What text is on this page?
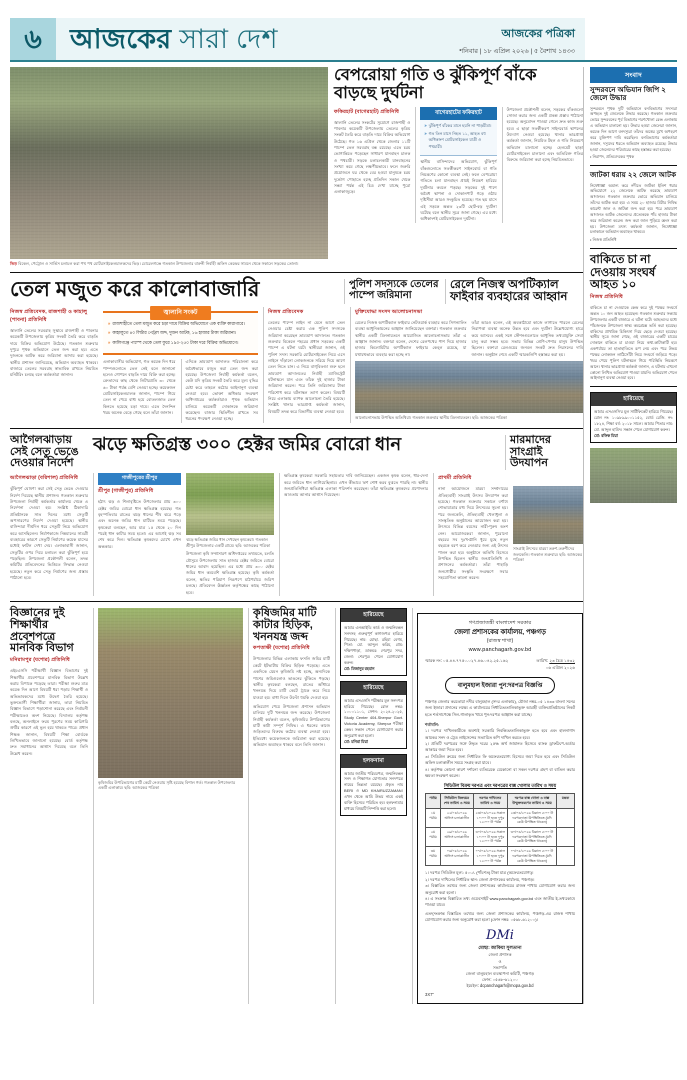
৬	আজকের সারা দেশ	আজকের পত্রিকা
শনিবার | ১৮ এপ্রিল ২০২৬ | ৫ বৈশাখ ১৪৩৩
ভিড় বিকেল, পেট্রোল ও সার্ভিস চলাচল করা পথ পথ মোটরসাইকেলচালকদের ভিড়। মোরেলগঞ্জে গতকাল উপজেলার বারুনী নির্বাহী অফিস কেন্দ্রের সামনে থেকে সকালে সড়কের তোলা।
বেপরোয়া গতি ও ঝুঁকিপূর্ণ বাঁকে বাড়ছে দুর্ঘটনা
ফকিরহাট (বাগেরহাট) প্রতিনিধি
জ্বালানি তেলের সংকটের সুযোগে রাজশাহী ও পাবনার কয়েকটি উপজেলায় তেলের কৃত্রিম সংকট তৈরি করে বাড়তি দামে বিক্রির অভিযোগ উঠেছে। গত ১৬ এপ্রিল থেকে জেলার ১১টি পাম্পে তেল সরবরাহ বন্ধ রয়েছে। এতে চরম ভোগান্তিতে পড়েছেন সাধারণ যানবাহন চালক ও পথচারী। সড়কে চলাচলকারী যানবাহনের সংখ্যা কমে গেছে লক্ষণীয়ভাবে। ফলে জরুরি প্রয়োজনে ঘর থেকে বের হওয়া মানুষকে চরম দুর্ভোগ পোহাতে হচ্ছে প্রতিদিন সকাল থেকে সন্ধ্যা পর্যন্ত এই চিত্র দেখা যাচ্ছে পুরো এলাকাজুড়ে।
বাগেরহাটের ফকিরহাট
» ঝুঁকিপূর্ণ বাঁকের মানে হয়নি না পাড়চীমা।
» গত তিন মাসে নিহত ১১, আহত বহু অধিকাংশ মোটরসাইকেল যাত্রী ও পথচারী।
স্থানীয় বাসিন্দাদের অভিযোগ, ঝুঁকিপূর্ণ বাঁকগুলোতে সতর্কীকরণ সাইনবোর্ড বা গতি নিয়ন্ত্রণের কোনো ব্যবস্থা নেই। ফলে বেপরোয়া গতিতে চলা যানবাহন প্রায়ই নিয়ন্ত্রণ হারিয়ে দুর্ঘটনার কবলে পড়ছে। সড়কের দুই পাশে অবৈধ স্থাপনা ও দোকানপাট গড়ে ওঠায় দৃষ্টিসীমা আরও সংকুচিত হয়েছে। গত ছয় মাসে এই সড়কে অন্তত ২৩টি ছোট-বড় দুর্ঘটনা ঘটেছে বলে স্থানীয় সূত্রে জানা গেছে। এর মধ্যে অধিকাংশই মোটরসাইকেল দুর্ঘটনা।
উপজেলা প্রকৌশলী বলেন, সড়কের বাঁকগুলো সোজা করার জন্য একটি প্রকল্প প্রস্তাব পাঠানো হয়েছে। অনুমোদন পাওয়া গেলে দ্রুত কাজ শুরু হবে। এ ছাড়া সতর্কীকরণ সাইনবোর্ড স্থাপনের উদ্যোগ নেওয়া হয়েছে। থানার ভারপ্রাপ্ত কর্মকর্তা জানান, নিয়মিত টহল ও গতি নিয়ন্ত্রণে অভিযান চালানো হচ্ছে। হেলমেট ছাড়া মোটরসাইকেল চালানো এবং অতিরিক্ত গতির বিরুদ্ধে জরিমানা করা হচ্ছে নিয়মিতভাবে।
তেল মজুত করে কালোবাজারি	পুলিশ সদস্যকে তেলের পাম্পে জরিমানা
রেলে নিজস্ব অপটিক্যাল ফাইবার ব্যবহারের আহ্বান
নিজস্ব প্রতিবেদক, রাজশাহী ও কাহালু (পাবনা) প্রতিনিধি
জ্বালানি তেলের সরবরাহ সুস্থাবে রাজশাহী ও পাবনার কয়েকটি উপজেলায় কৃত্রিম সংকট তৈরি করে বাড়তি দামে বিক্রির অভিযোগ উঠেছে। গতকাল শুক্রবার দুপুরে পৃথক অভিযানে তেল জব্দ করা হয়। এতে দুজনকে আটক করে জরিমানা আদায় করা হয়েছে। স্থানীয় প্রশাসন জানিয়েছে, অভিযান অব্যাহত থাকবে। বাজারে তেলের সরবরাহ স্বাভাবিক রাখতে নিয়মিত মনিটরিং চলছে বলে কর্মকর্তারা জানান।
জ্বালানি সংকট
» রাজশাহীতে তেল মজুত করে চড়া দামে বিক্রির অভিযোগে এক ব্যক্তি কারাগারে।
» কাহালুতে ৪০ লিটার পেট্রল জব্দ, দুজন আটক, ১৬ হাজার টাকা জরিমানা।
» কালিগঞ্জে পাম্পে থেকে তেল ফুরে ১৯০-২৫০ টাকা দরে বিক্রির অভিযোগে।
এলাকাবাসীর অভিযোগ, গত কয়েক দিন ধরে পাম্পগুলোতে তেল নেই বলে জানানো হলেও গোপনে বাড়তি দামে বিক্রি করা হচ্ছে। ক্রেতাদের কাছ থেকে লিটারপ্রতি ৩০ থেকে ৬০ টাকা পর্যন্ত বেশি নেওয়া হচ্ছে। কয়েকজন মোটরসাইকেলচালক জানান, পাম্পে গিয়ে তেল না পেয়ে বাধ্য হয়ে বোতলজাত তেল কিনতে হয়েছে চড়া দামে। এতে দৈনন্দিন খরচ অনেক বেড়ে গেছে বলে তাঁরা জানান।
এদিকে ভ্রাম্যমাণ আদালত পরিচালনা করে অবৈধভাবে মজুত করা তেল জব্দ করা হয়েছে। উপজেলা নির্বাহী কর্মকর্তা বলেন, কেউ যদি কৃত্রিম সংকট তৈরি করে মূল্য বৃদ্ধির চেষ্টা করে তাহলে কঠোর আইনানুগ ব্যবস্থা নেওয়া হবে। ভোক্তা অধিকার সংরক্ষণ অধিদপ্তরের কর্মকর্তারাও পৃথক অভিযান চালিয়ে কয়েকটি দোকানকে জরিমানা করেছেন। বাজার স্থিতিশীল রাখতে সব ধরনের পদক্ষেপ নেওয়া হচ্ছে।
নিজস্ব প্রতিবেদক
তেলের পাম্পে লাইন না মেনে আগে তেল নেওয়ার চেষ্টা করায় এক পুলিশ সদস্যকে জরিমানা করেছেন ভ্রাম্যমাণ আদালত। গতকাল শুক্রবার বিকেলে শহরের প্রধান সড়কের একটি পাম্পে এ ঘটনা ঘটে। স্থানীয়রা জানান, ওই পুলিশ সদস্য সরকারি মোটরসাইকেল নিয়ে এসে লাইনে দাঁড়ানো লোকজনকে সরিয়ে দিয়ে আগে তেল নিতে চান। এ নিয়ে বাগ্‌বিতণ্ডা শুরু হলে ভ্রাম্যমাণ আদালতের নির্বাহী ম্যাজিস্ট্রেট ঘটনাস্থলে যান এবং তাঁকে দুই হাজার টাকা জরিমানা করেন। পরে তিনি জরিমানার টাকা পরিশোধ করে ঘটনাস্থল ত্যাগ করেন। বিষয়টি নিয়ে এলাকায় ব্যাপক আলোচনা তৈরি হয়েছে। সংশ্লিষ্ট থানার ভারপ্রাপ্ত কর্মকর্তা জানান, বিষয়টি তদন্ত করে বিভাগীয় ব্যবস্থা নেওয়া হবে।
মুক্তিযোদ্ধা সংসদ আলোচনাসভা
রেলের নিজস্ব অপটিক্যাল ফাইবার নেটওয়ার্ক ব্যবহার করে সিগন্যালিং ব্যবস্থা আধুনিকায়নের আহ্বান জানিয়েছেন বক্তারা। গতকাল শুক্রবার স্থানীয় একটি মিলনায়তনে আয়োজিত আলোচনাসভায় তাঁরা এ আহ্বান জানান। বক্তারা বলেন, দেশের রেলপথের পাশ দিয়ে হাজার হাজার কিলোমিটার অপটিক্যাল ফাইবার কেব্‌ল রয়েছে, যা যথাযথভাবে ব্যবহার করা হচ্ছে না।
তাঁরা আরও বলেন, এই অবকাঠামো কাজে লাগাতে পারলে রেলের নিরাপত্তা ব্যবস্থা অনেক উন্নত হবে এবং দুর্ঘটনা উল্লেখযোগ্য হারে কমে আসবে। একই সঙ্গে স্টেশনগুলোতে আধুনিক তথ্যপ্রযুক্তি সেবা চালু করা সম্ভব হবে। সভায় বিভিন্ন শ্রেণি-পেশার মানুষ উপস্থিত ছিলেন। বক্তারা রেলওয়ের জনবল সংকট দ্রুত নিরসনের দাবি জানান। অনুষ্ঠান শেষে একটি স্মারকলিপি হস্তান্তর করা হয়।
আলোচনাসভায় উপস্থিত অতিথিরা। গতকাল শুক্রবার স্থানীয় মিলনায়তনে। ছবি: আজকের পত্রিকা
আগৈলঝাড়ায় সেই সেতু ভেঙে দেওয়ার নির্দেশ
ঝড়ে ক্ষতিগ্রস্ত ৩০০ হেক্টর জমির বোরো ধান	মারমাদের সাংগ্রাই উদযাপন
আগৈলঝাড়া (বরিশাল) প্রতিনিধি
ঝুঁকিপূর্ণ ঘোষণা করা সেই সেতু ভেঙে দেওয়ার নির্দেশ দিয়েছে স্থানীয় প্রশাসন। গতকাল শুক্রবার উপজেলা নির্বাহী কর্মকর্তার কার্যালয় থেকে এ নির্দেশনা দেওয়া হয়। সংশ্লিষ্ট ঠিকাদারি প্রতিষ্ঠানকে সাত দিনের মধ্যে সেতুটি অপসারণের নির্দেশ দেওয়া হয়েছে। স্থানীয় বাসিন্দারা দীর্ঘদিন ধরে সেতুটি নিয়ে অভিযোগ করে আসছিলেন। নির্মাণকাজে নিম্নমানের সামগ্রী ব্যবহারের কারণে সেতুটি নির্মাণের কয়েক মাসের মধ্যেই ফাটল দেখা দেয়। এলাকাবাসী জানান, সেতুটির ওপর দিয়ে চলাচল করা ঝুঁকিপূর্ণ হয়ে পড়েছিল। উপজেলা প্রকৌশলী বলেন, তদন্ত কমিটির প্রতিবেদনের ভিত্তিতে সিদ্ধান্ত নেওয়া হয়েছে। নতুন করে সেতু নির্মাণের জন্য প্রস্তাব পাঠানো হবে।
গাজীপুরের শ্রীপুর
শ্রীপুর (গাজীপুর) প্রতিনিধি
হঠাৎ ঝড় ও শিলাবৃষ্টিতে উপজেলার প্রায় ৩০০ হেক্টর জমির বোরো ধান ক্ষতিগ্রস্ত হয়েছে। গত বৃহস্পতিবার রাতের ঝড়ে ধানের শীষ ঝরে পড়ে এবং অনেক জমির ধান মাটিতে শুয়ে পড়েছে। কৃষকেরা বলছেন, আর মাত্র ১৫ থেকে ২০ দিন পরেই ধান কাটার সময় হতো। এর আগেই ঝড় সব শেষ করে দিল। ক্ষতিগ্রস্ত কৃষকদের চোখে এখন অন্ধকার।
ঝড়ে ক্ষতিগ্রস্ত জমির ধান দেখছেন কৃষকেরা। গতকাল শ্রীপুর উপজেলার একটি গ্রামে। ছবি: আজকের পত্রিকা
উপজেলা কৃষি সম্প্রসারণ অধিদপ্তরের তথ্যমতে, চলতি মৌসুমে উপজেলায় সাত হাজার হেক্টর জমিতে বোরো ধানের আবাদ হয়েছিল। এর মধ্যে প্রায় ৩০০ হেক্টর জমির ধান কমবেশি ক্ষতিগ্রস্ত হয়েছে। কৃষি কর্মকর্তা বলেন, ক্ষতির পরিমাণ নিরূপণে মাঠপর্যায়ে জরিপ চলছে। প্রতিবেদন ঊর্ধ্বতন কর্তৃপক্ষের কাছে পাঠানো হবে।
ক্ষতিগ্রস্ত কৃষকেরা সরকারি সহায়তার দাবি জানিয়েছেন। একজন কৃষক বলেন, ধার-দেনা করে জমিতে ধান লাগিয়েছিলাম। এখন কীভাবে ঋণ শোধ করব বুঝতে পারছি না। স্থানীয় জনপ্রতিনিধিরা ক্ষতিগ্রস্ত এলাকা পরিদর্শন করেছেন। তাঁরা ক্ষতিগ্রস্ত কৃষকদের প্রণোদনার আওতায় আনার আশ্বাস দিয়েছেন।
প্রাথমী প্রতিনিধি
নানা আয়োজনে মারমা সম্প্রদায়ের ঐতিহ্যবাহী সাংগ্রাই উৎসব উদযাপন করা হয়েছে। গতকাল শুক্রবার সকালে বর্ণাঢ্য শোভাযাত্রার মধ্য দিয়ে উৎসবের সূচনা হয়। পরে জলকেলি, ঐতিহ্যবাহী খেলাধুলা ও সাংস্কৃতিক অনুষ্ঠানের আয়োজন করা হয়। উৎসবে বিভিন্ন বয়সের নারী-পুরুষ অংশ নেন। আয়োজকেরা জানান, পুরোনো বছরের সব দুঃখ-গ্লানি ধুয়ে মুছে নতুন বছরকে বরণ করে নেওয়ার জন্য এই উৎসব পালন করা হয়। অনুষ্ঠানে অতিথি হিসেবে উপস্থিত ছিলেন স্থানীয় জনপ্রতিনিধি ও প্রশাসনের কর্মকর্তারা। তাঁরা পাহাড়ি জনগোষ্ঠীর সংস্কৃতি সংরক্ষণে সবার সহযোগিতা কামনা করেন।
সাংগ্রাই উৎসবে মারমা তরুণ-তরুণীদের জলকেলি। গতকাল শুক্রবার। ছবি: আজকের পত্রিকা
বিজ্ঞানের দুই শিক্ষার্থীর প্রবেশপত্রে মানবিক বিভাগ
মনিরামপুর (যশোর) প্রতিনিধি
এইচএসসি পরীক্ষার্থী বিজ্ঞান বিভাগের দুই শিক্ষার্থীর প্রবেশপত্রে মানবিক বিভাগ উল্লেখ করায় বিপাকে পড়েছে তারা। পরীক্ষা শুরুর মাত্র কয়েক দিন আগে বিষয়টি ধরা পড়ায় শিক্ষার্থী ও অভিভাবকদের মধ্যে উদ্বেগ তৈরি হয়েছে। ভুক্তভোগী শিক্ষার্থীরা জানায়, তারা নিয়মিত বিজ্ঞান বিভাগে পড়াশোনা করেছে এবং নির্বাচনী পরীক্ষাতেও অংশ নিয়েছে। বিদ্যালয় কর্তৃপক্ষ বলছে, অনলাইনে ফরম পূরণের সময় কারিগরি ত্রুটির কারণে এই ভুল হয়ে থাকতে পারে। প্রধান শিক্ষক জানান, বিষয়টি শিক্ষা বোর্ডকে লিখিতভাবে জানানো হয়েছে। বোর্ড কর্তৃপক্ষ দ্রুত সমাধানের আশ্বাস দিয়েছে বলে তিনি উল্লেখ করেন।
কৃষিজমির উপরিভাগের মাটি কেটে নেওয়ায় সৃষ্টি হয়েছে বিশাল গর্ত। গতকাল উপজেলার একটি এলাকায়। ছবি: আজকের পত্রিকা
কৃষিজমির মাটি কাটার হিড়িক, খননযন্ত্র জব্দ
কপতাক্ষী (যশোর) প্রতিনিধি
উপজেলার বিভিন্ন এলাকায় ফসলি জমির মাটি কেটে ইটভাটায় বিক্রির হিড়িক পড়েছে। এতে একদিকে যেমন কৃষিজমি নষ্ট হচ্ছে, অন্যদিকে পাশের জমিগুলোও ভাঙনের ঝুঁকিতে পড়ছে। স্থানীয় কৃষকেরা বলছেন, রাতের আঁধারে খননযন্ত্র দিয়ে মাটি কেটে ট্রাকে করে নিয়ে যাওয়া হয়। বাধা দিলে উল্টো হুমকি দেওয়া হয়।
অভিযোগ পেয়ে উপজেলা প্রশাসন অভিযান চালিয়ে দুটি খননযন্ত্র জব্দ করেছে। উপজেলা নির্বাহী কর্মকর্তা বলেন, কৃষিজমির উপরিভাগের মাটি কাটা সম্পূর্ণ নিষিদ্ধ। এ ধরনের কাজে জড়িতদের বিরুদ্ধে কঠোর ব্যবস্থা নেওয়া হবে। ইতিমধ্যে কয়েকজনকে জরিমানা করা হয়েছে। অভিযান অব্যাহত থাকবে বলে তিনি জানান।
হারিয়েছে
আমার এনআইডি কার্ড ও জন্মনিবন্ধন সনদসহ গুরুত্বপূর্ণ কাগজপত্র হারিয়ে গিয়েছে। নাম: মোছা. রহিমা বেগম, পিতা: মো. আব্দুল করিম, গ্রাম: দক্ষিণপাড়া, ডাকঘর: শেরপুর সদর, জেলা: শেরপুর। পেলে যোগাযোগ করুন।
মো: মিজানুর রহমান
হারিয়েছে
আমার এসএসসি পরীক্ষার মূল সনদপত্র হারিয়ে গিয়েছে। রোল নম্বর: ১০০০১১০১, সেশন: ২০২৪-২০২৫, Study Center 404-Sherpur Govt. Victoria Academy, Sherpur পরীক্ষা কেন্দ্র। সন্ধান পেলে যোগাযোগ করার অনুরোধ করা হলো।
মো: মনিরা মিয়া
হলফনামা
আমার জাতীয় পরিচয়পত্র, জন্মনিবন্ধন সনদ ও শিক্ষাগত যোগ্যতার সনদপত্রে নামের ভিন্নতা রয়েছে। প্রকৃত নাম BERI ও MD KHAIRUZZAMAN। এখন থেকে আমি উভয় নামে একই ব্যক্তি হিসেবে পরিচিত হব। হলফনামার মাধ্যমে বিষয়টি নিষ্পত্তি করা হলো।
গণপ্রজাতন্ত্রী বাংলাদেশ সরকার
জেলা প্রশাসকের কার্যালয়, পঞ্চগড়
(রাজস্ব শাখা)
www.panchagarh.gov.bd
স্মারক নং: ০৫.৪৪.৭৭৫০.০২৭.৪৬.০৪২.২৫.১৬২	তারিখ: ২৩ চৈত্র ১৪৩২
০৬ এপ্রিল ২০২৬
বালুমহাল ইজারা পুন:দরপত্র বিজ্ঞপ্তি
পঞ্চগড় জেলার করতোয়া নদীর বালুমহাল (সদর এলাকায়), মৌজা নম্বর-০৫ ১৪৩৩ বাংলা সনের জন্য ইজারা প্রদানের লক্ষ্যে এ কার্যালয়ের নির্ধারিত/তালিকাভুক্ত আগ্রহী ব্যক্তি/প্রতিষ্ঠানের নিকট হতে শর্তসাপেক্ষে সিল-গালাকৃত খামে পুন:দরপত্র আহ্বান করা যাচ্ছে।
শর্তাবলি:
১। দরপত্র দাখিলকারীকে অবশ্যই সরকারি নিবন্ধিত/তালিকাভুক্ত হতে হবে এবং হালনাগাদ আয়কর সনদ ও ট্রেড লাইসেন্সের সত্যায়িত কপি দাখিল করতে হবে।
২। প্রতিটি দরপত্রের সঙ্গে উদ্ধৃত দরের ২৫% অর্থ জামানত হিসেবে ব্যাংক ড্রাফট/পে-অর্ডার আকারে জমা দিতে হবে।
৩। সিডিউল ক্রয়ের জন্য নির্ধারিত ফি অফেরতযোগ্য হিসেবে জমা দিতে হবে এবং সিডিউল অফিস চলাকালীন সময়ে সংগ্রহ করা যাবে।
৪। কর্তৃপক্ষ কোনো কারণ দর্শানো ব্যতিরেকে যেকোনো বা সকল দরপত্র গ্রহণ বা বাতিল করার ক্ষমতা সংরক্ষণ করেন।
সিডিউল বিক্রয় দরপত্র এবং দরপত্রের বাক্স খোলার তারিখ ও সময়
পর্যায়	সিডিউল বিক্রয়ের শেষ তারিখ ও সময়	দরপত্র দাখিলের তারিখ ও সময়	দরপত্র বাক্স খোলা ও বাক্স উন্মুক্তকরণের তারিখ ও সময়	মন্তব্য
১ম পর্যায়	২২/০৪/২০২৬ অফিস চলাকালীন	২৩/০৪/২০২৬ সকাল ১০:০০ টা হতে দুপুর ১২:০০ টা পর্যন্ত	২৩/০৪/২০২৬ বিকাল ৫:০০ টা দরপত্রদাতা উপস্থিতিতে (যদি কেউ উপস্থিত থাকেন)	
২য় পর্যায়	২৯/০৪/২০২৬ অফিস চলাকালীন	৩০/০৪/২০২৬ সকাল ১০:০০ টা হতে দুপুর ১২:০০ টা পর্যন্ত	৩০/০৪/২০২৬ বিকাল ৫:০০ টা দরপত্রদাতা উপস্থিতিতে (যদি কেউ উপস্থিত থাকেন)	
৩য় পর্যায়	০৬/০৫/২০২৬ অফিস চলাকালীন	০৭/০৫/২০২৬ সকাল ১০:০০ টা হতে দুপুর ১২:০০ টা পর্যন্ত	০৭/০৫/২০২৬ বিকাল ৫:০০ টা দরপত্রদাতা উপস্থিতিতে (যদি কেউ উপস্থিত থাকেন)	
১। দরপত্র সিডিউল মূল্য: ৫০০/- (পাঁচশত) টাকা মাত্র (অফেরতযোগ্য)।
২। দরপত্র দাখিলের নির্ধারিত স্থান: জেলা প্রশাসকের কার্যালয়, পঞ্চগড়।
৩। বিস্তারিত তথ্যের জন্য জেলা প্রশাসকের কার্যালয়ের রাজস্ব শাখায় যোগাযোগ করার জন্য অনুরোধ করা হলো।
৪। এ সংক্রান্ত বিস্তারিত তথ্য ওয়েবসাইট www.panchagarh.gov.bd এবং জাতীয় ই-তথ্যকোষে পাওয়া যাবে।
এতদ্‌সংক্রান্ত বিস্তারিত তথ্যের জন্য জেলা প্রশাসকের কার্যালয়, পঞ্চগড়-এর রাজস্ব শাখায় যোগাযোগ করার জন্য অনুরোধ করা হলো (ফোন নম্বর: ০৫৬৮-৬১২০০)।
ⅮⅯⅰ​
মোছা: জাকিয়া সুলতানা
জেলা প্রশাসক
ও
সভাপতি
জেলা বালুমহাল ব্যবস্থাপনা কমিটি, পঞ্চগড়
ফোন: ০৫৬৮-৬১২০০
ইমেইল: dcpanchagarh@mopa.gov.bd
3X7"
সংবাদ
সুন্দরবনে অভিযান জিপি ২ জেলে উদ্ধার
সুন্দরবনে পৃথক দুটি অভিযানে বনবিভাগের সদস্যরা অপহৃত দুই জেলেকে উদ্ধার করেছে। গতকাল শুক্রবার ভোরে সুন্দরবনের পূর্ব বিভাগের শরণখোলা রেঞ্জ এলাকায় এ অভিযান চালানো হয়। উদ্ধার হওয়া জেলেরা জানান, কয়েক দিন আগে বনদস্যুরা তাঁদের অস্ত্রের মুখে অপহরণ করে মুক্তিপণ দাবি করেছিল। বনবিভাগের কর্মকর্তারা জানান, দস্যুদের ধরতে অভিযান অব্যাহত রয়েছে। উদ্ধার হওয়া জেলেদের পরিবারের কাছে হস্তান্তর করা হয়েছে।
• নিরাপদ, প্রতিবেদকের পৃথক
জাটকা ধরায় ২২ জেলে আটক
নিষেধাজ্ঞা অমান্য করে নদীতে জাটকা ইলিশ ধরার অভিযোগে ২২ জেলেকে আটক করেছে ভ্রাম্যমাণ আদালত। গতকাল শুক্রবার ভোরে অভিযান চালিয়ে তাঁদের আটক করা হয়। এ সময় ২০ হাজার মিটার নিষিদ্ধ কারেন্ট জাল ও জাটকা জব্দ করা হয়। পরে ভ্রাম্যমাণ আদালত আটক জেলেদের প্রত্যেককে পাঁচ হাজার টাকা করে জরিমানা করেন। জব্দ করা জাল পুড়িয়ে ধ্বংস করা হয়। উপজেলা মৎস্য কর্মকর্তা জানান, নিষেধাজ্ঞা চলাকালে অভিযান অব্যাহত থাকবে।
• নিজস্ব প্রতিনিধি
বাকিতে চা না দেওয়ায় সংঘর্ষ আহত ১০
নিজস্ব প্রতিনিধি
বাকিতে চা না দেওয়াকে কেন্দ্র করে দুই পক্ষের সংঘর্ষে অন্তত ১০ জন আহত হয়েছেন। গতকাল শুক্রবার সন্ধ্যায় উপজেলার একটি বাজারে এ ঘটনা ঘটে। আহতদের মধ্যে পাঁচজনকে উপজেলা স্বাস্থ্য কমপ্লেক্সে ভর্তি করা হয়েছে। বাকিদের প্রাথমিক চিকিৎসা দিয়ে ছেড়ে দেওয়া হয়েছে। স্থানীয় সূত্রে জানা গেছে, ওই বাজারের একটি চায়ের দোকানে বাকিতে চা চাওয়া নিয়ে কথা-কাটাকাটি হয়। একপর্যায়ে তা হাতাহাতিতে রূপ নেয় এবং পরে উভয় পক্ষের লোকজন লাঠিসোঁটা নিয়ে সংঘর্ষে জড়িয়ে পড়ে। খবর পেয়ে পুলিশ ঘটনাস্থলে গিয়ে পরিস্থিতি নিয়ন্ত্রণে আনে। থানার ভারপ্রাপ্ত কর্মকর্তা জানান, এ ঘটনায় এখনো কোনো লিখিত অভিযোগ পাওয়া যায়নি। অভিযোগ পেলে আইনানুগ ব্যবস্থা নেওয়া হবে।
হারিয়েছে
আমার এসএসসি'র মূল সার্টিফিকেট হারিয়ে গিয়েছে। রোল নং: ১০৯৮৯৯০০১১৫২, বোর্ড রেজি. নং: ১৮২৪, শিক্ষা বর্ষ: ২০১৮ সালে। আমার পিতার নাম: মো. আব্দুল হামিদ। সন্ধান পেলে যোগাযোগ করুন।
মো: রফিক মিয়া
